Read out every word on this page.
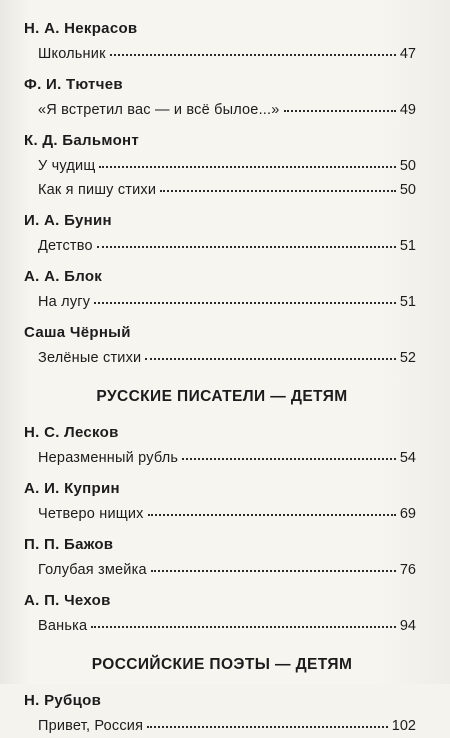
Н. А. Некрасов
Школьник	47
Ф. И. Тютчев
«Я встретил вас — и всё былое...»	49
К. Д. Бальмонт
У чудищ	50
Как я пишу стихи	50
И. А. Бунин
Детство	51
А. А. Блок
На лугу	51
Саша Чёрный
Зелёные стихи	52
РУССКИЕ ПИСАТЕЛИ — ДЕТЯМ
Н. С. Лесков
Неразменный рубль	54
А. И. Куприн
Четверо нищих	69
П. П. Бажов
Голубая змейка	76
А. П. Чехов
Ванька	94
РОССИЙСКИЕ ПОЭТЫ — ДЕТЯМ
Н. Рубцов
Привет, Россия	102
